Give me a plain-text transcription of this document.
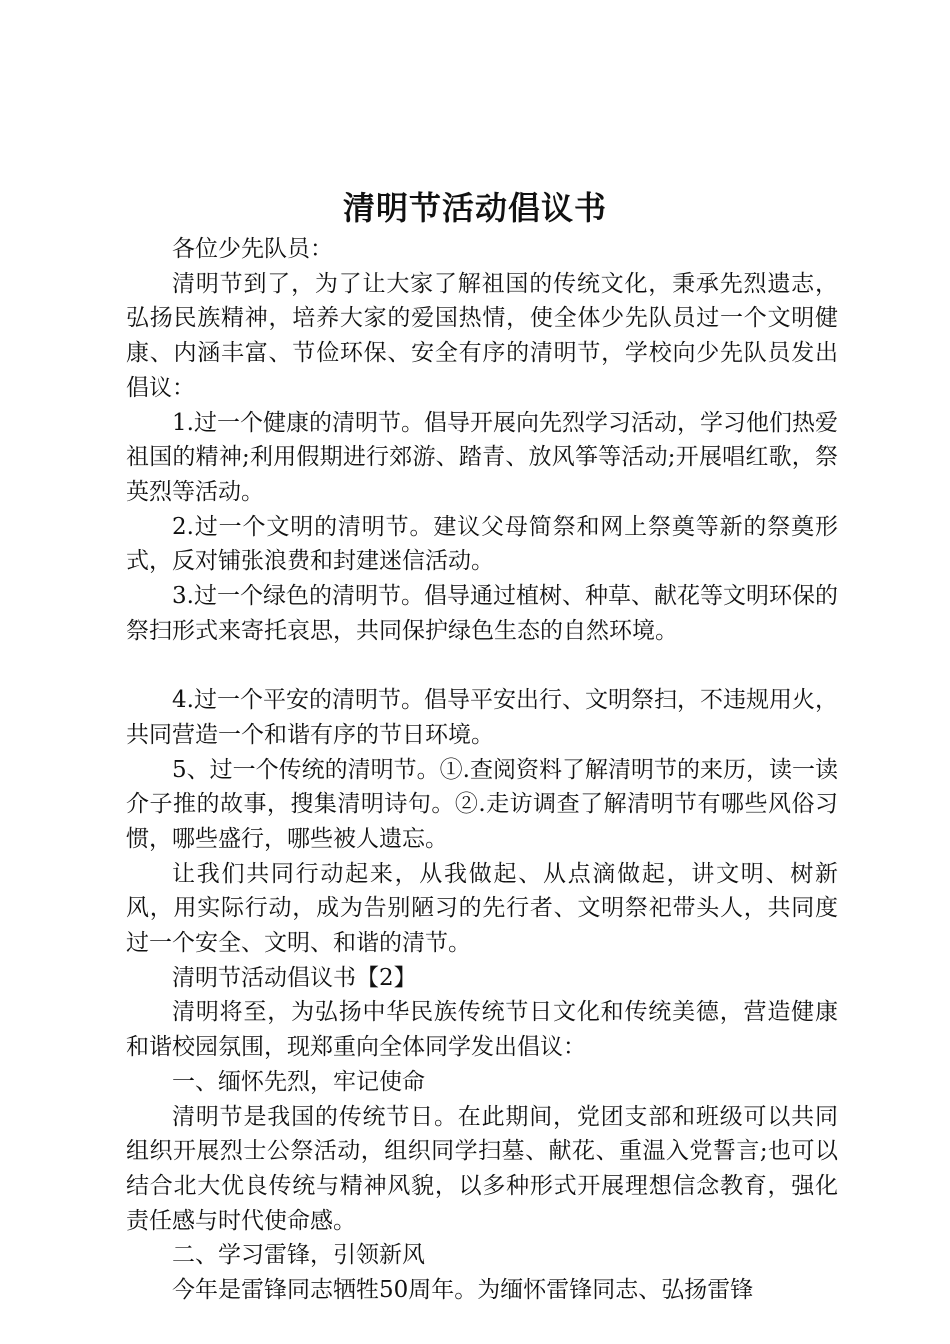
清明节活动倡议书

各位少先队员：

清明节到了，为了让大家了解祖国的传统文化，秉承先烈遗志，弘扬民族精神，培养大家的爱国热情，使全体少先队员过一个文明健康、内涵丰富、节俭环保、安全有序的清明节，学校向少先队员发出倡议：

1.过一个健康的清明节。倡导开展向先烈学习活动，学习他们热爱祖国的精神;利用假期进行郊游、踏青、放风筝等活动;开展唱红歌，祭英烈等活动。

2.过一个文明的清明节。建议父母简祭和网上祭奠等新的祭奠形式，反对铺张浪费和封建迷信活动。

3.过一个绿色的清明节。倡导通过植树、种草、献花等文明环保的祭扫形式来寄托哀思，共同保护绿色生态的自然环境。

4.过一个平安的清明节。倡导平安出行、文明祭扫，不违规用火，共同营造一个和谐有序的节日环境。

5、过一个传统的清明节。①.查阅资料了解清明节的来历，读一读介子推的故事，搜集清明诗句。②.走访调查了解清明节有哪些风俗习惯，哪些盛行，哪些被人遗忘。

让我们共同行动起来，从我做起、从点滴做起，讲文明、树新风，用实际行动，成为告别陋习的先行者、文明祭祀带头人，共同度过一个安全、文明、和谐的清节。

清明节活动倡议书【2】

清明将至，为弘扬中华民族传统节日文化和传统美德，营造健康和谐校园氛围，现郑重向全体同学发出倡议：

一、缅怀先烈，牢记使命

清明节是我国的传统节日。在此期间，党团支部和班级可以共同组织开展烈士公祭活动，组织同学扫墓、献花、重温入党誓言;也可以结合北大优良传统与精神风貌，以多种形式开展理想信念教育，强化责任感与时代使命感。

二、学习雷锋，引领新风

今年是雷锋同志牺牲50周年。为缅怀雷锋同志、弘扬雷锋
